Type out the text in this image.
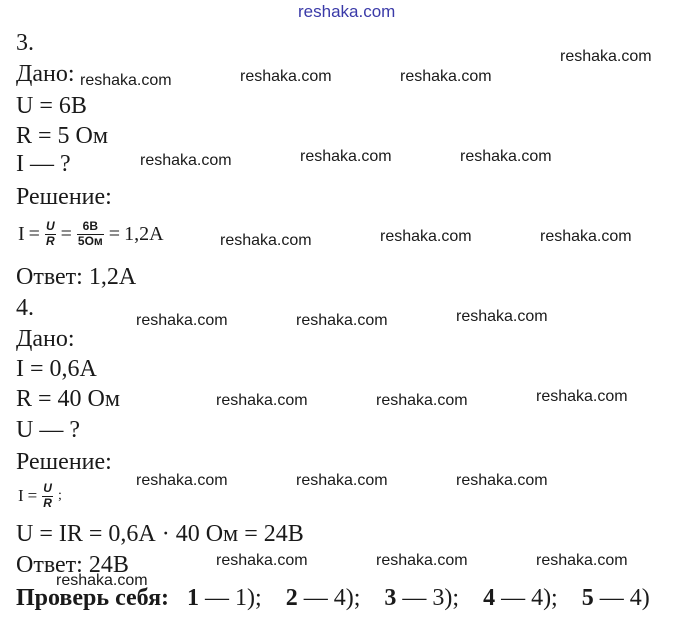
reshaka.com
3.
Дано:
U = 6В
R = 5 Ом
I — ?
Решение:
$I = \frac{U}{R} = \frac{6В}{5Ом} = 1,2А$
Ответ: 1,2А
4.
Дано:
I = 0,6А
R = 40 Ом
U — ?
Решение:
$I = \frac{U}{R}$ ;
U = IR = 0,6А · 40 Ом = 24В
Ответ: 24В
Проверь себя: 1 — 1); 2 — 4); 3 — 3); 4 — 4); 5 — 4)
reshaka.com
reshaka.com	reshaka.com	reshaka.com
reshaka.com	reshaka.com	reshaka.com
reshaka.com	reshaka.com	reshaka.com
reshaka.com	reshaka.com	reshaka.com
reshaka.com	reshaka.com	reshaka.com
reshaka.com	reshaka.com	reshaka.com
reshaka.com	reshaka.com	reshaka.com
reshaka.com
